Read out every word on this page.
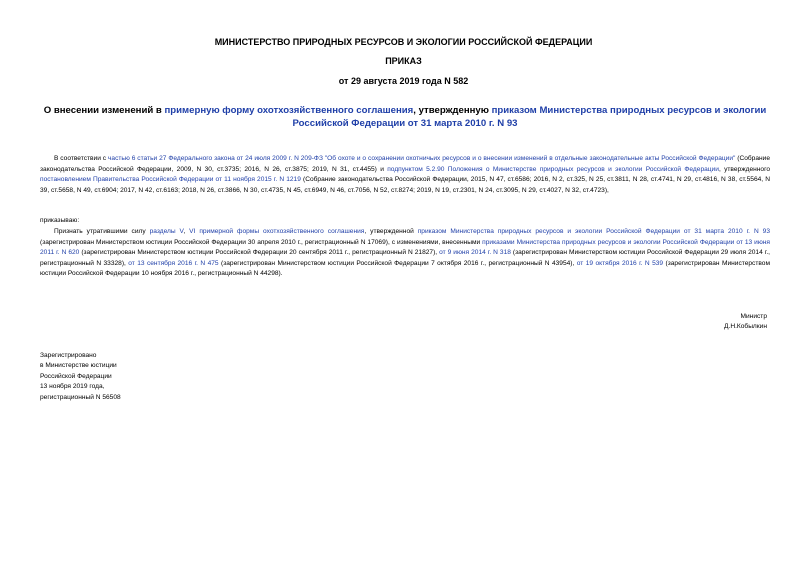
МИНИСТЕРСТВО ПРИРОДНЫХ РЕСУРСОВ И ЭКОЛОГИИ РОССИЙСКОЙ ФЕДЕРАЦИИ
ПРИКАЗ
от 29 августа 2019 года N 582
О внесении изменений в примерную форму охотхозяйственного соглашения, утвержденную приказом Министерства природных ресурсов и экологии Российской Федерации от 31 марта 2010 г. N 93
В соответствии с частью 6 статьи 27 Федерального закона от 24 июля 2009 г. N 209-ФЗ "Об охоте и о сохранении охотничьих ресурсов и о внесении изменений в отдельные законодательные акты Российской Федерации" (Собрание законодательства Российской Федерации, 2009, N 30, ст.3735; 2016, N 26, ст.3875; 2019, N 31, ст.4455) и подпунктом 5.2.90 Положения о Министерстве природных ресурсов и экологии Российской Федерации, утвержденного постановлением Правительства Российской Федерации от 11 ноября 2015 г. N 1219 (Собрание законодательства Российской Федерации, 2015, N 47, ст.6586; 2016, N 2, ст.325, N 25, ст.3811, N 28, ст.4741, N 29, ст.4816, N 38, ст.5564, N 39, ст.5658, N 49, ст.6904; 2017, N 42, ст.6163; 2018, N 26, ст.3866, N 30, ст.4735, N 45, ст.6949, N 46, ст.7056, N 52, ст.8274; 2019, N 19, ст.2301, N 24, ст.3095, N 29, ст.4027, N 32, ст.4723),
приказываю:
Признать утратившими силу разделы V, VI примерной формы охотхозяйственного соглашения, утвержденной приказом Министерства природных ресурсов и экологии Российской Федерации от 31 марта 2010 г. N 93 (зарегистрирован Министерством юстиции Российской Федерации 30 апреля 2010 г., регистрационный N 17069), с изменениями, внесенными приказами Министерства природных ресурсов и экологии Российской Федерации от 13 июня 2011 г. N 620 (зарегистрирован Министерством юстиции Российской Федерации 20 сентября 2011 г., регистрационный N 21827), от 9 июня 2014 г. N 318 (зарегистрирован Министерством юстиции Российской Федерации 29 июля 2014 г., регистрационный N 33328), от 13 сентября 2016 г. N 475 (зарегистрирован Министерством юстиции Российской Федерации 7 октября 2016 г., регистрационный N 43954), от 19 октября 2016 г. N 539 (зарегистрирован Министерством юстиции Российской Федерации 10 ноября 2016 г., регистрационный N 44298).
Министр
Д.Н.Кобылкин
Зарегистрировано
в Министерстве юстиции
Российской Федерации
13 ноября 2019 года,
регистрационный N 56508
